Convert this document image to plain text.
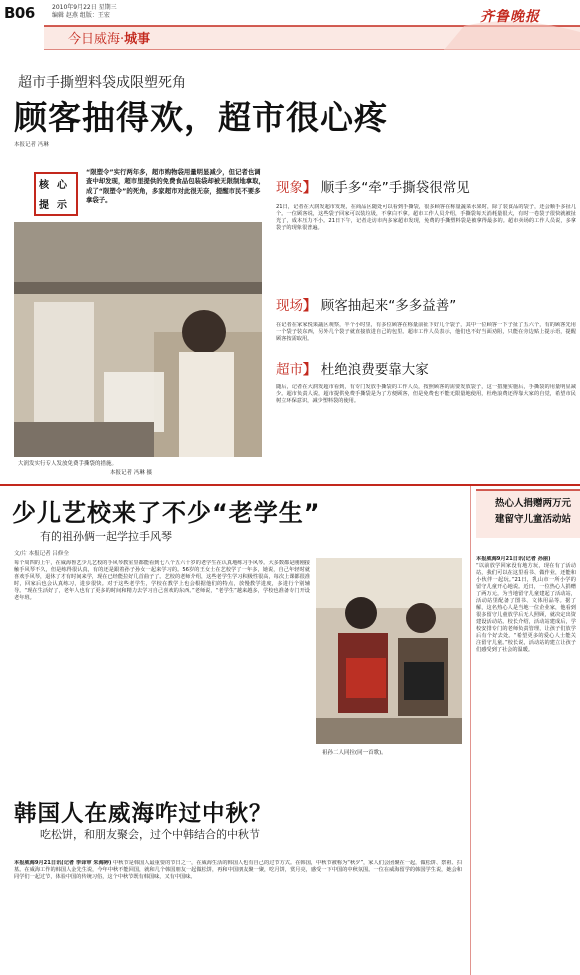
B06	2010年9月22日 星期三
编辑 赵燕 组版：王宏
今日威海·城事
齐鲁晚报
超市手撕塑料袋成限塑死角
顾客抽得欢，超市很心疼
本报记者 冯琳
核 心
提 示
“限塑令”实行两年多，超市购物袋用量明显减少，但记者也调查中却发现，超市里提供的免费食品包装袋却被无限制地拿取，成了“限塑令”的死角，多家超市对此很无奈，提醒市民不要多拿袋子。
大润发实行专人发放免费手撕袋的措施。
本报记者 冯琳 摄
现象】 顺手多“牵”手撕袋很常见
21日，记者在大润发超市发现，在商品区随处可以看到手撕袋，很多顾客在称量蔬菜水果时，除了装食品的袋子，还会顺手多扯几个。一位顾客说，这些袋子回家可以装垃圾，不拿白不拿。超市工作人员介绍，手撕袋每天消耗量很大，有时一卷袋子很快就被扯光了，成本压力不小。21日下午，记者走访市内多家超市发现，免费的手撕塑料袋是被拿得最多的。超市卖场的工作人员说，多拿袋子的现象很普遍。
现场】 顾客抽起来“多多益善”
在记者在家家悦果蔬区观察，半个小时里，有多位顾客在称量前扯下好几个袋子，其中一位顾客一下子扯了五六个，有的顾客先用一个袋子装东西，另外几个袋子就直接放进自己的包里。超市工作人员表示，他们也不好当面劝阻，只能在旁边贴上提示语，提醒顾客按需取用。
超市】 杜绝浪费要靠大家
随后，记者在大润发超市看到，有专门发放手撕袋的工作人员，按照顾客的需要发放袋子，这一措施实施后，手撕袋的用量明显减少。超市负责人说，超市提供免费手撕袋是为了方便顾客，但是免费也不能无限量地使用，杜绝浪费还得靠大家的自觉，希望市民树立环保意识，减少塑料袋的使用。
少儿艺校来了不少“老学生”
有的祖孙俩一起学拉手风琴
文/片 本报记者 吕修全
每个周四的上午，在威海鲁艺少儿艺校的手风琴教室里都能看到七八个五六十岁的老学生在认真地练习手风琴。大多数都是刚刚接触手风琴不久，但是练得很认真，有的还是跟着孙子孙女一起来学习的。56岁的王女士在艺校学了一年多，她说，自己年轻时就喜欢手风琴，退休了才有时间来学，现在已经能拉好几首曲子了。艺校的老师介绍，这些老学生学习积极性很高，每次上课都很准时，回家后也会认真练习，进步很快。对于这些老学生，学校在教学上也会根据他们的特点，放慢教学进度，多进行个别辅导。“现在生活好了，老年人也有了更多的时间和精力去学习自己喜欢的东西。”老师说，“老学生”越来越多，学校也准备专门开设老年班。
祖孙二人同拉(同一首歌)。
热心人捐赠两万元
建留守儿童活动站
本报威海9月21日讯(记者 孙丽)
“以前放学回家没有地方玩，现在有了活动站，我们可以在这里看书、做作业，还能和小伙伴一起玩。”21日，乳山市一所小学的留守儿童开心地说。近日，一位热心人捐赠了两万元，为当地留守儿童建起了活动站，活动站里配备了图书、文体用品等。据了解，这名热心人是当地一位企业家，他看到很多留守儿童放学后无人照顾，就决定出资建设活动站。校长介绍，活动站建成后，学校安排专门的老师负责管理，让孩子们放学后有个好去处。“希望更多的爱心人士能关注留守儿童。”校长说，活动站的建立让孩子们感受到了社会的温暖。
韩国人在威海咋过中秋？
吃松饼，和朋友聚会，过个中韩结合的中秋节
本报威海9月21日讯(记者 李译审 朱海婷) 中秋节是韩国人最重要的节日之一，在威海生活的韩国人也有自己的过节方式。在韩国，中秋节被称为“秋夕”，家人们会团聚在一起，做松饼、祭祖、扫墓。在威海工作的韩国人金先生说，今年中秋不能回国，就和几个韩国朋友一起做松饼，再和中国朋友聚一聚，吃月饼，赏月亮，感受一下中国的中秋氛围。一位在威海留学的韩国学生说，她会和同学们一起过节，体验中国的传统习俗，这个中秋节既有韩国味，又有中国味。
